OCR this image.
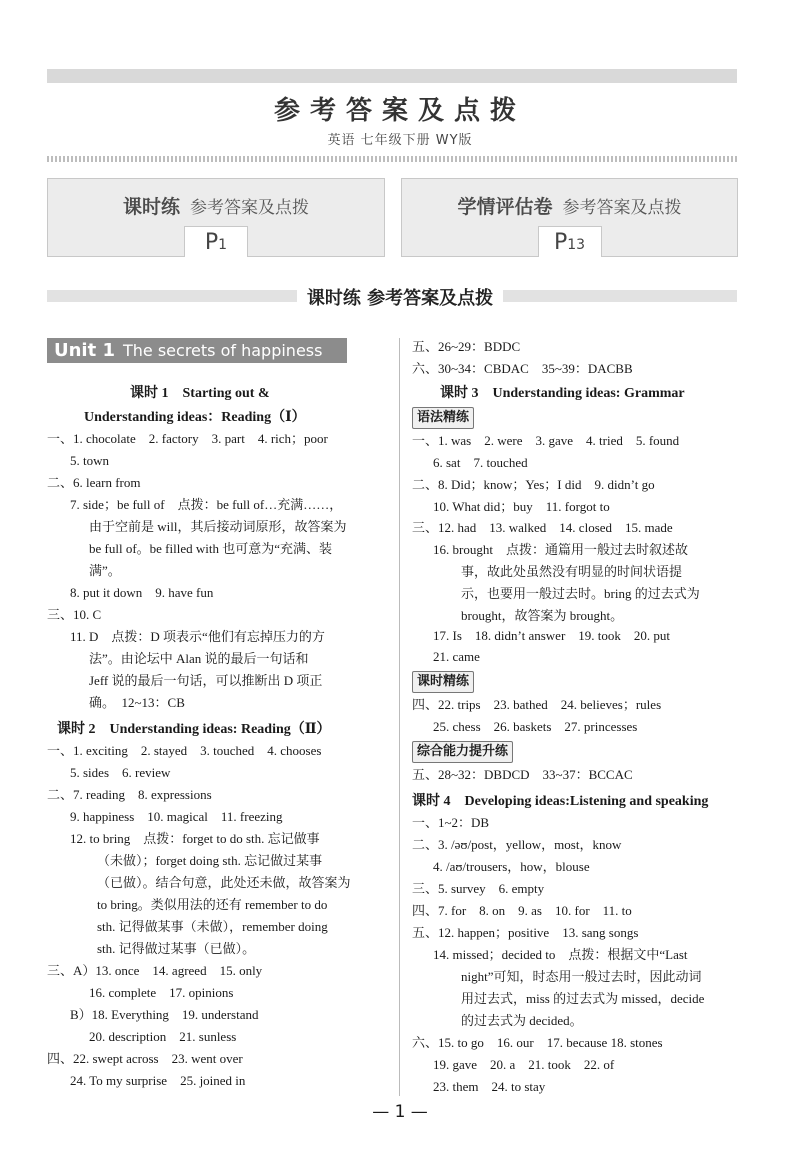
参考答案及点拨
英语 七年级下册 WY版
课时练 参考答案及点拨
P1
学情评估卷 参考答案及点拨
P13
课时练 参考答案及点拨
Unit 1 The secrets of happiness
课时 1　Starting out &
Understanding ideas：Reading（Ⅰ）
一、1. chocolate　2. factory　3. part　4. rich；poor
5. town
二、6. learn from
7. side；be full of　点拨：be full of…充满……，
由于空前是 will，其后接动词原形，故答案为
be full of。be filled with 也可意为“充满、装
满”。
8. put it down　9. have fun
三、10. C
11. D　点拨：D 项表示“他们有忘掉压力的方
法”。由论坛中 Alan 说的最后一句话和
Jeff 说的最后一句话，可以推断出 D 项正
确。　12~13：CB
课时 2　Understanding ideas: Reading（Ⅱ）
一、1. exciting　2. stayed　3. touched　4. chooses
5. sides　6. review
二、7. reading　8. expressions
9. happiness　10. magical　11. freezing
12. to bring　点拨：forget to do sth. 忘记做事
（未做）；forget doing sth. 忘记做过某事
（已做）。结合句意，此处还未做，故答案为
to bring。类似用法的还有 remember to do
sth. 记得做某事（未做），remember doing
sth. 记得做过某事（已做）。
三、A）13. once　14. agreed　15. only
16. complete　17. opinions
B）18. Everything　19. understand
20. description　21. sunless
四、22. swept across　23. went over
24. To my surprise　25. joined in
五、26~29：BDDC
六、30~34：CBDAC　35~39：DACBB
课时 3　Understanding ideas: Grammar
语法精练
一、1. was　2. were　3. gave　4. tried　5. found
6. sat　7. touched
二、8. Did；know；Yes；I did　9. didn’t go
10. What did；buy　11. forgot to
三、12. had　13. walked　14. closed　15. made
16. brought　点拨：通篇用一般过去时叙述故
事，故此处虽然没有明显的时间状语提
示，也要用一般过去时。bring 的过去式为
brought，故答案为 brought。
17. Is　18. didn’t answer　19. took　20. put
21. came
课时精练
四、22. trips　23. bathed　24. believes；rules
25. chess　26. baskets　27. princesses
综合能力提升练
五、28~32：DBDCD　33~37：BCCAC
课时 4　Developing ideas:Listening and speaking
一、1~2：DB
二、3. /əʊ/post，yellow，most，know
4. /aʊ/trousers，how，blouse
三、5. survey　6. empty
四、7. for　8. on　9. as　10. for　11. to
五、12. happen；positive　13. sang songs
14. missed；decided to　点拨：根据文中“Last
night”可知，时态用一般过去时，因此动词
用过去式，miss 的过去式为 missed，decide
的过去式为 decided。
六、15. to go　16. our　17. because 18. stones
19. gave　20. a　21. took　22. of
23. them　24. to stay
— 1 —
